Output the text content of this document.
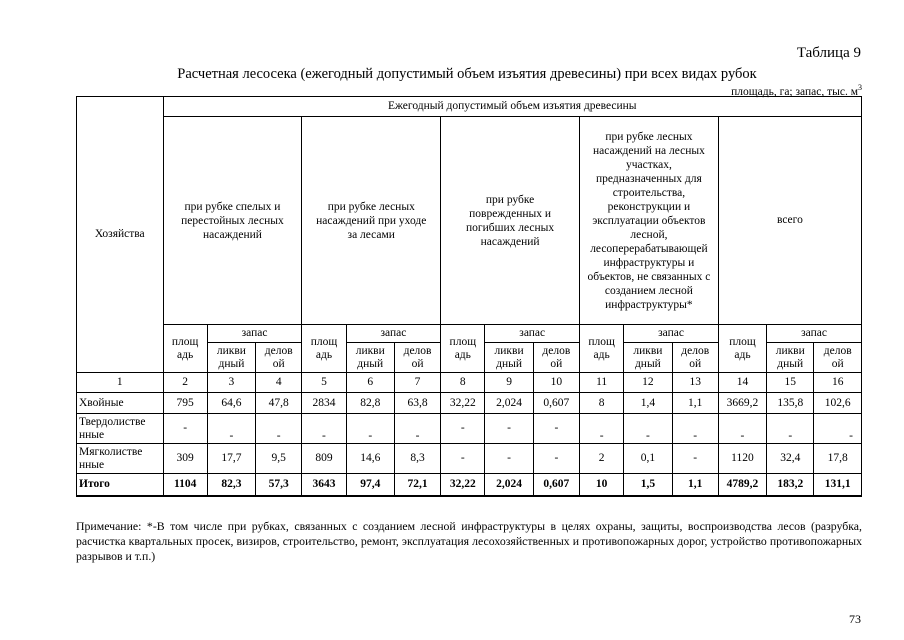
Таблица 9
Расчетная лесосека (ежегодный допустимый объем изъятия древесины) при всех видах рубок
площадь, га; запас, тыс. $м^3$
Хозяйства	Ежегодный допустимый объем изъятия древесины														
	при рубке спелых и перестойных лесных насаждений			при рубке лесных насаждений при уходе за лесами			при рубке поврежденных и погибших лесных насаждений			при рубке лесных насаждений на лесных участках, предназначенных для строительства, реконструкции и эксплуатации объектов лесной, лесоперерабатывающей инфраструктуры и объектов, не связанных с созданием лесной инфраструктуры*			всего		
	площ адь	запас		площ адь	запас		площ адь	запас		площ адь	запас		площ адь	запас	
		ликви дный	делов ой		ликви дный	делов ой		ликви дный	делов ой		ликви дный	делов ой		ликви дный	делов ой
1	2	3	4	5	6	7	8	9	10	11	12	13	14	15	16
Хвойные	795	64,6	47,8	2834	82,8	63,8	32,22	2,024	0,607	8	1,4	1,1	3669,2	135,8	102,6
Твердолистве
нные	-	-	-	-	-	-	-	-	-	-	-	-	-	-	-
Мягколистве
нные	309	17,7	9,5	809	14,6	8,3	-	-	-	2	0,1	-	1120	32,4	17,8
Итого	1104	82,3	57,3	3643	97,4	72,1	32,22	2,024	0,607	10	1,5	1,1	4789,2	183,2	131,1
Примечание: *-В том числе при рубках, связанных с созданием лесной инфраструктуры в целях охраны, защиты, воспроизводства лесов (разрубка, расчистка квартальных просек, визиров, строительство, ремонт, эксплуатация лесохозяйственных и противопожарных дорог, устройство противопожарных разрывов и т.п.)
73
